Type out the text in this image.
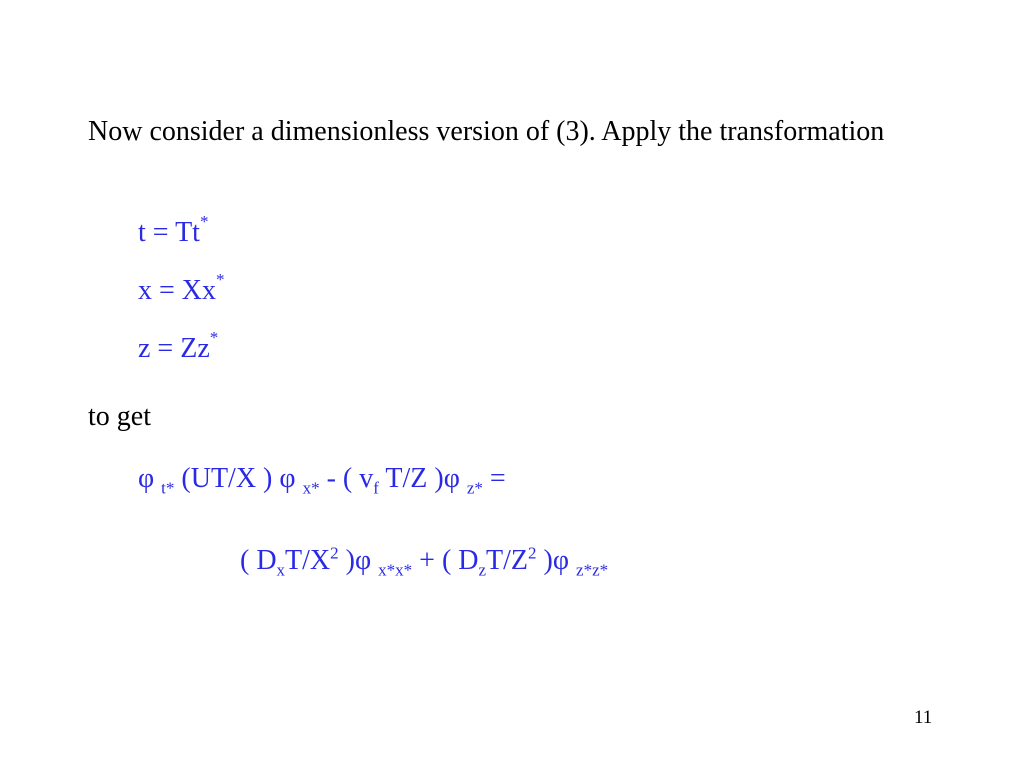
Now consider a dimensionless version of (3). Apply the transformation

t = Tt*
x = Xx*
z = Zz*

to get

φ $_{t*}$ (UT/X ) φ $_{x*}$ - ( $v_f$ T/Z )φ $_{z*}$ =
( $D_xT/X^2$ )φ $_{x*x*}$ + ( $D_zT/Z^2$ )φ $_{z*z*}$
11
